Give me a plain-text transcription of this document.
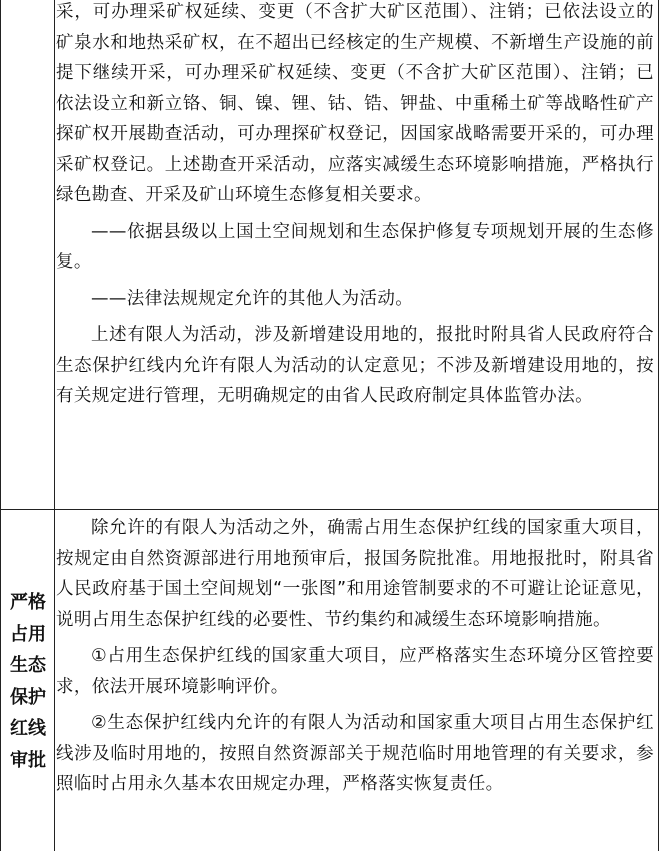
采，可办理采矿权延续、变更（不含扩大矿区范围）、注销；已依法设立的矿泉水和地热采矿权，在不超出已经核定的生产规模、不新增生产设施的前提下继续开采，可办理采矿权延续、变更（不含扩大矿区范围）、注销；已依法设立和新立铬、铜、镍、锂、钴、锆、钾盐、中重稀土矿等战略性矿产探矿权开展勘查活动，可办理探矿权登记，因国家战略需要开采的，可办理采矿权登记。上述勘查开采活动，应落实减缓生态环境影响措施，严格执行绿色勘查、开采及矿山环境生态修复相关要求。

——依据县级以上国土空间规划和生态保护修复专项规划开展的生态修复。

——法律法规规定允许的其他人为活动。

上述有限人为活动，涉及新增建设用地的，报批时附具省人民政府符合生态保护红线内允许有限人为活动的认定意见；不涉及新增建设用地的，按有关规定进行管理，无明确规定的由省人民政府制定具体监管办法。

严格
占用
生态
保护
红线
审批

除允许的有限人为活动之外，确需占用生态保护红线的国家重大项目，按规定由自然资源部进行用地预审后，报国务院批准。用地报批时，附具省人民政府基于国土空间规划“一张图”和用途管制要求的不可避让论证意见，说明占用生态保护红线的必要性、节约集约和减缓生态环境影响措施。

①占用生态保护红线的国家重大项目，应严格落实生态环境分区管控要求，依法开展环境影响评价。

②生态保护红线内允许的有限人为活动和国家重大项目占用生态保护红线涉及临时用地的，按照自然资源部关于规范临时用地管理的有关要求，参照临时占用永久基本农田规定办理，严格落实恢复责任。
